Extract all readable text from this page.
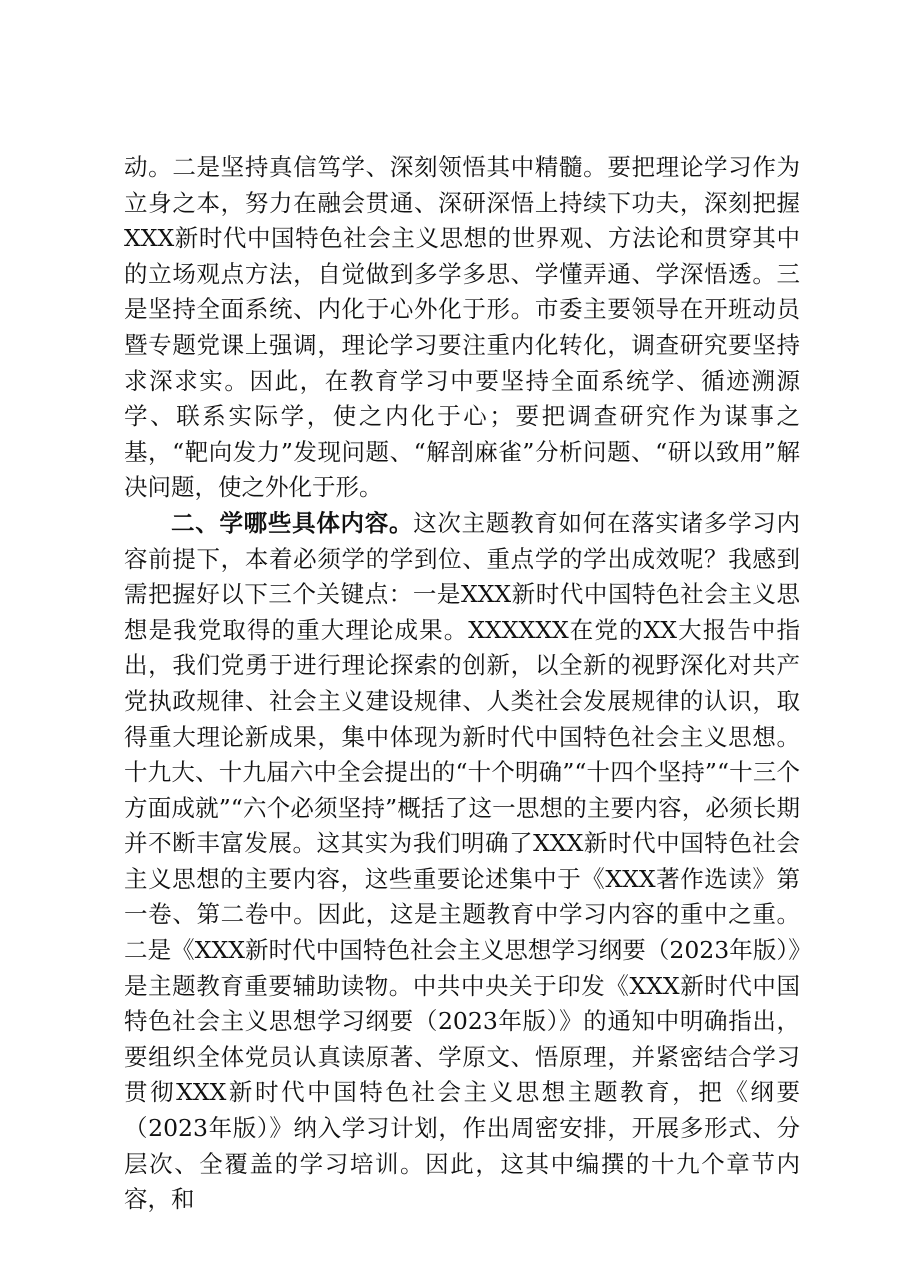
动。二是坚持真信笃学、深刻领悟其中精髓。要把理论学习作为立身之本，努力在融会贯通、深研深悟上持续下功夫，深刻把握XXX新时代中国特色社会主义思想的世界观、方法论和贯穿其中的立场观点方法，自觉做到多学多思、学懂弄通、学深悟透。三是坚持全面系统、内化于心外化于形。市委主要领导在开班动员暨专题党课上强调，理论学习要注重内化转化，调查研究要坚持求深求实。因此，在教育学习中要坚持全面系统学、循迹溯源学、联系实际学，使之内化于心；要把调查研究作为谋事之基，“靶向发力”发现问题、“解剖麻雀”分析问题、“研以致用”解决问题，使之外化于形。

二、学哪些具体内容。这次主题教育如何在落实诸多学习内容前提下，本着必须学的学到位、重点学的学出成效呢？我感到需把握好以下三个关键点：一是XXX新时代中国特色社会主义思想是我党取得的重大理论成果。XXXXXX在党的XX大报告中指出，我们党勇于进行理论探索的创新，以全新的视野深化对共产党执政规律、社会主义建设规律、人类社会发展规律的认识，取得重大理论新成果，集中体现为新时代中国特色社会主义思想。十九大、十九届六中全会提出的“十个明确”“十四个坚持”“十三个方面成就”“六个必须坚持”概括了这一思想的主要内容，必须长期并不断丰富发展。这其实为我们明确了XXX新时代中国特色社会主义思想的主要内容，这些重要论述集中于《XXX著作选读》第一卷、第二卷中。因此，这是主题教育中学习内容的重中之重。二是《XXX新时代中国特色社会主义思想学习纲要（2023年版）》是主题教育重要辅助读物。中共中央关于印发《XXX新时代中国特色社会主义思想学习纲要（2023年版）》的通知中明确指出，要组织全体党员认真读原著、学原文、悟原理，并紧密结合学习贯彻XXX新时代中国特色社会主义思想主题教育，把《纲要（2023年版）》纳入学习计划，作出周密安排，开展多形式、分层次、全覆盖的学习培训。因此，这其中编撰的十九个章节内容，和
